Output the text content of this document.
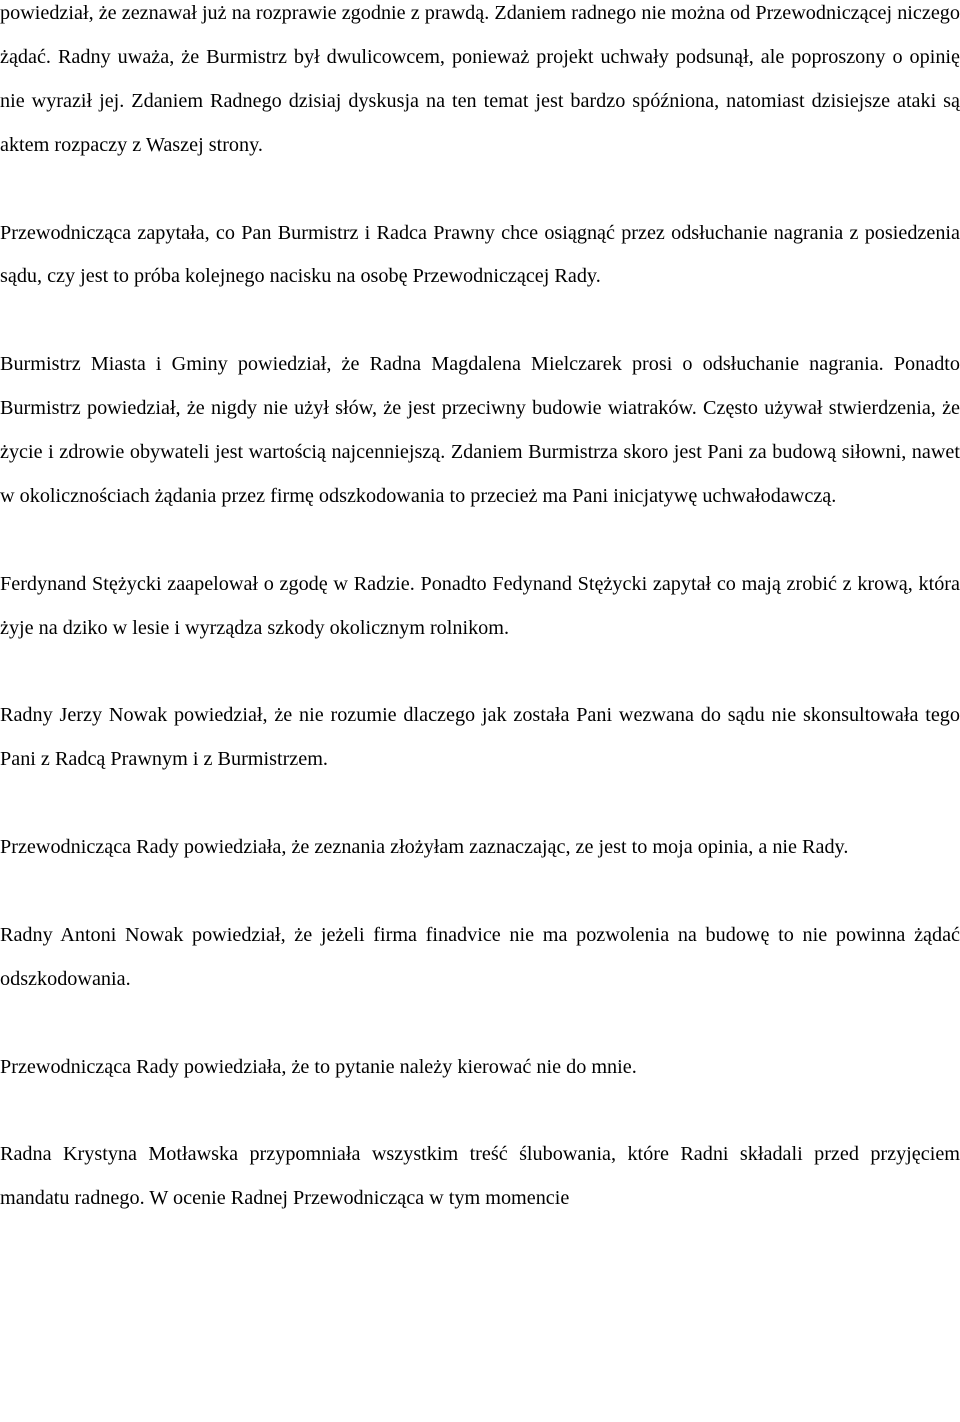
powiedział, że zeznawał już na rozprawie zgodnie z prawdą. Zdaniem radnego nie można od Przewodniczącej niczego żądać. Radny uważa, że Burmistrz był dwulicowcem, ponieważ projekt uchwały podsunął, ale poproszony o opinię nie wyraził jej. Zdaniem Radnego dzisiaj dyskusja na ten temat jest bardzo spóźniona, natomiast dzisiejsze ataki są aktem rozpaczy z Waszej strony.

Przewodnicząca zapytała, co Pan Burmistrz i Radca Prawny chce osiągnąć przez odsłuchanie nagrania z posiedzenia sądu, czy jest to próba kolejnego nacisku na osobę Przewodniczącej Rady.

Burmistrz Miasta i Gminy powiedział, że Radna Magdalena Mielczarek prosi o odsłuchanie nagrania. Ponadto Burmistrz powiedział, że nigdy nie użył słów, że jest przeciwny budowie wiatraków. Często używał stwierdzenia, że życie i zdrowie obywateli jest wartością najcenniejszą. Zdaniem Burmistrza skoro jest Pani za budową siłowni, nawet w okolicznościach żądania przez firmę odszkodowania to przecież ma Pani inicjatywę uchwałodawczą.

Ferdynand Stężycki zaapelował o zgodę w Radzie. Ponadto Fedynand Stężycki zapytał co mają zrobić z krową, która żyje na dziko w lesie i wyrządza szkody okolicznym rolnikom.

Radny Jerzy Nowak powiedział, że nie rozumie dlaczego jak została Pani wezwana do sądu nie skonsultowała tego Pani z Radcą Prawnym i z Burmistrzem.

Przewodnicząca Rady powiedziała, że zeznania złożyłam zaznaczając, ze jest to moja opinia, a nie Rady.

Radny Antoni Nowak powiedział, że jeżeli firma finadvice nie ma pozwolenia na budowę to nie powinna żądać odszkodowania.

Przewodnicząca Rady powiedziała, że to pytanie należy kierować nie do mnie.

Radna Krystyna Motławska przypomniała wszystkim treść ślubowania, które Radni składali przed przyjęciem mandatu radnego. W ocenie Radnej Przewodnicząca w tym momencie
